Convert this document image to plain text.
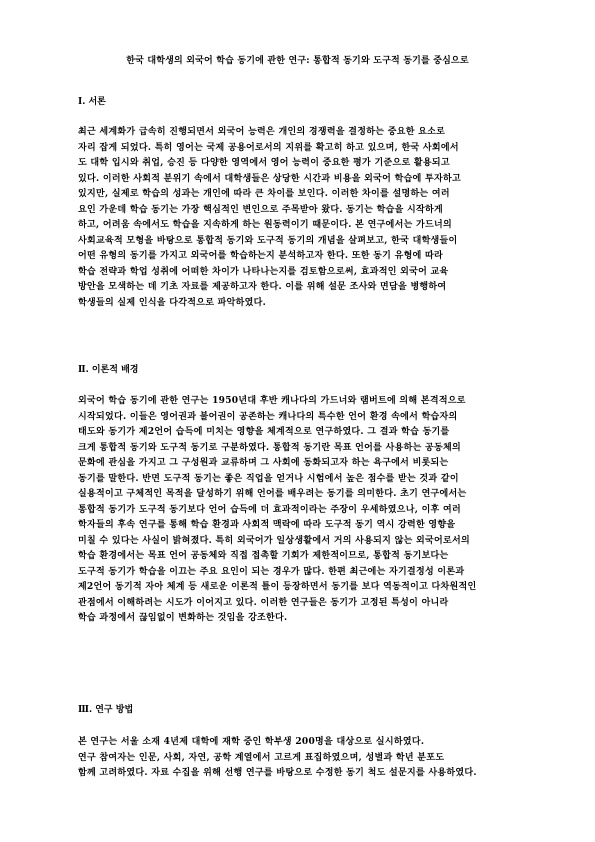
한국 대학생의 외국어 학습 동기에 관한 연구: 통합적 동기와 도구적 동기를 중심으로
Ⅰ. 서론
최근 세계화가 급속히 진행되면서 외국어 능력은 개인의 경쟁력을 결정하는 중요한 요소로
자리 잡게 되었다. 특히 영어는 국제 공용어로서의 지위를 확고히 하고 있으며, 한국 사회에서
도 대학 입시와 취업, 승진 등 다양한 영역에서 영어 능력이 중요한 평가 기준으로 활용되고
있다. 이러한 사회적 분위기 속에서 대학생들은 상당한 시간과 비용을 외국어 학습에 투자하고
있지만, 실제로 학습의 성과는 개인에 따라 큰 차이를 보인다. 이러한 차이를 설명하는 여러
요인 가운데 학습 동기는 가장 핵심적인 변인으로 주목받아 왔다. 동기는 학습을 시작하게
하고, 어려움 속에서도 학습을 지속하게 하는 원동력이기 때문이다. 본 연구에서는 가드너의
사회교육적 모형을 바탕으로 통합적 동기와 도구적 동기의 개념을 살펴보고, 한국 대학생들이
어떤 유형의 동기를 가지고 외국어를 학습하는지 분석하고자 한다. 또한 동기 유형에 따라
학습 전략과 학업 성취에 어떠한 차이가 나타나는지를 검토함으로써, 효과적인 외국어 교육
방안을 모색하는 데 기초 자료를 제공하고자 한다. 이를 위해 설문 조사와 면담을 병행하여
학생들의 실제 인식을 다각적으로 파악하였다.
Ⅱ. 이론적 배경
외국어 학습 동기에 관한 연구는 1950년대 후반 캐나다의 가드너와 램버트에 의해 본격적으로
시작되었다. 이들은 영어권과 불어권이 공존하는 캐나다의 특수한 언어 환경 속에서 학습자의
태도와 동기가 제2언어 습득에 미치는 영향을 체계적으로 연구하였다. 그 결과 학습 동기를
크게 통합적 동기와 도구적 동기로 구분하였다. 통합적 동기란 목표 언어를 사용하는 공동체의
문화에 관심을 가지고 그 구성원과 교류하며 그 사회에 동화되고자 하는 욕구에서 비롯되는
동기를 말한다. 반면 도구적 동기는 좋은 직업을 얻거나 시험에서 높은 점수를 받는 것과 같이
실용적이고 구체적인 목적을 달성하기 위해 언어를 배우려는 동기를 의미한다. 초기 연구에서는
통합적 동기가 도구적 동기보다 언어 습득에 더 효과적이라는 주장이 우세하였으나, 이후 여러
학자들의 후속 연구를 통해 학습 환경과 사회적 맥락에 따라 도구적 동기 역시 강력한 영향을
미칠 수 있다는 사실이 밝혀졌다. 특히 외국어가 일상생활에서 거의 사용되지 않는 외국어로서의
학습 환경에서는 목표 언어 공동체와 직접 접촉할 기회가 제한적이므로, 통합적 동기보다는
도구적 동기가 학습을 이끄는 주요 요인이 되는 경우가 많다. 한편 최근에는 자기결정성 이론과
제2언어 동기적 자아 체계 등 새로운 이론적 틀이 등장하면서 동기를 보다 역동적이고 다차원적인
관점에서 이해하려는 시도가 이어지고 있다. 이러한 연구들은 동기가 고정된 특성이 아니라
학습 과정에서 끊임없이 변화하는 것임을 강조한다.
Ⅲ. 연구 방법
본 연구는 서울 소재 4년제 대학에 재학 중인 학부생 200명을 대상으로 실시하였다.
연구 참여자는 인문, 사회, 자연, 공학 계열에서 고르게 표집하였으며, 성별과 학년 분포도
함께 고려하였다. 자료 수집을 위해 선행 연구를 바탕으로 수정한 동기 척도 설문지를 사용하였다.
